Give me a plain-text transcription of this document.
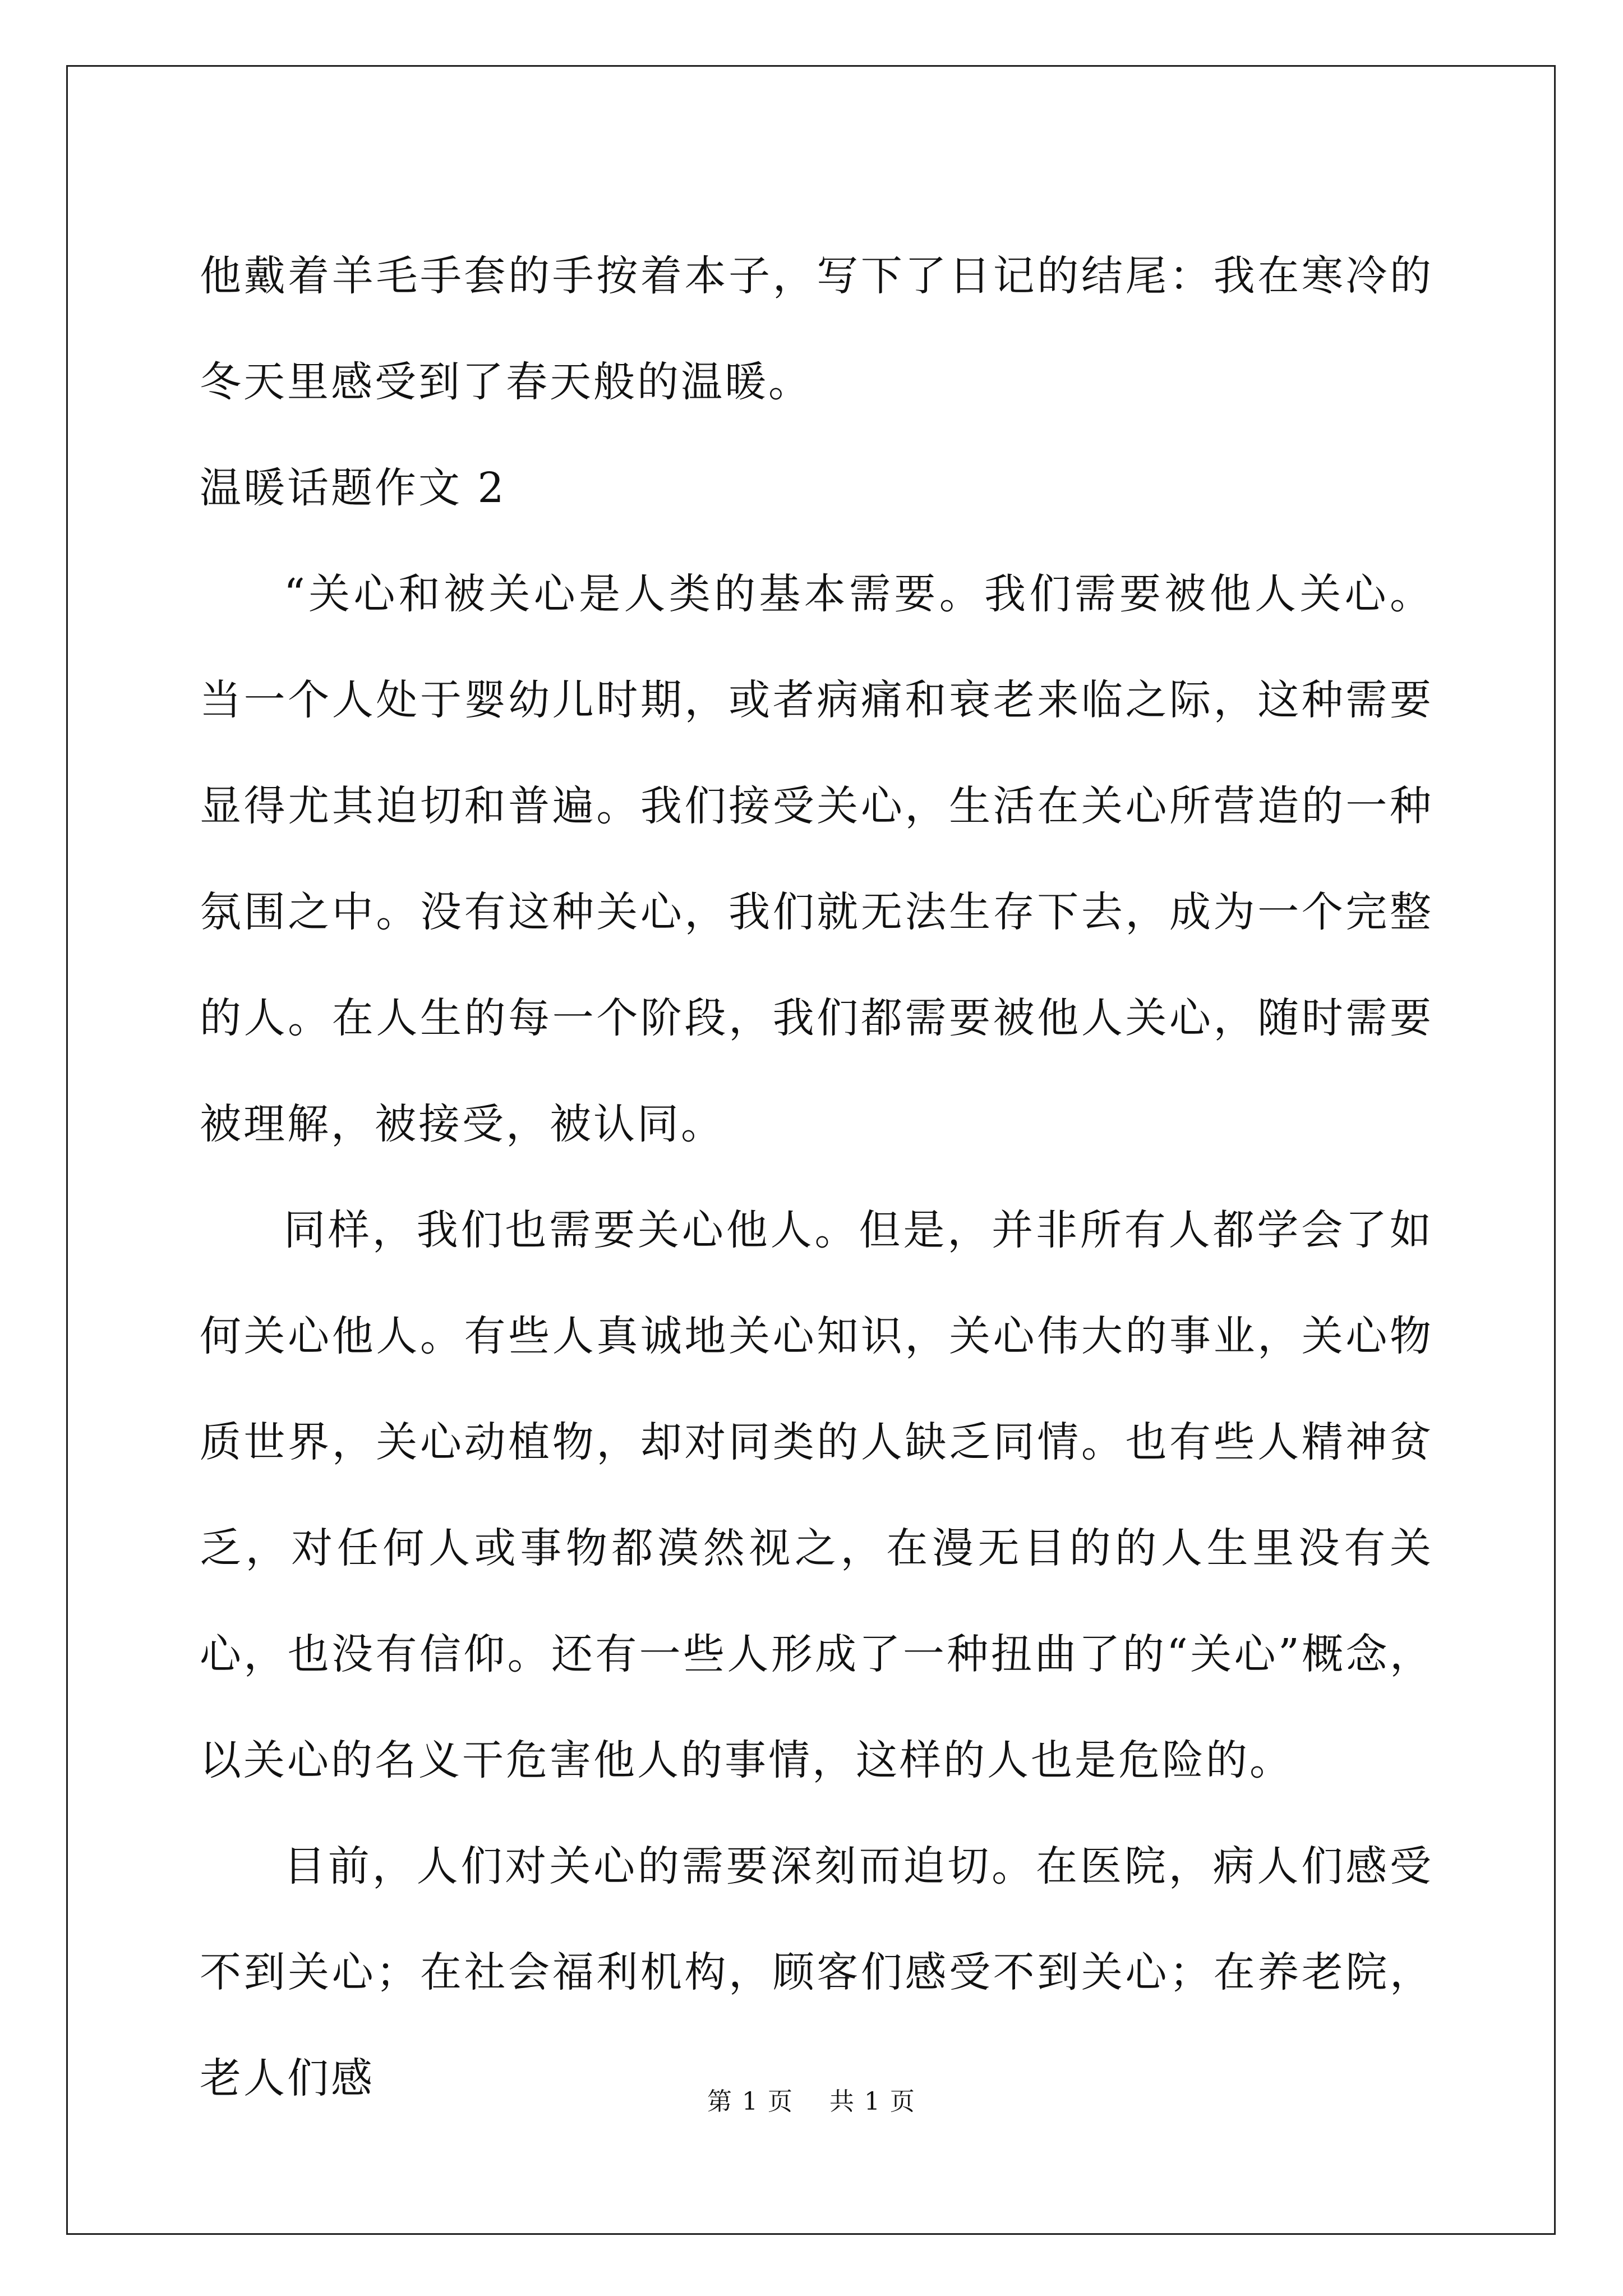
他戴着羊毛手套的手按着本子，写下了日记的结尾：我在寒冷的冬天里感受到了春天般的温暖。

温暖话题作文 2

“关心和被关心是人类的基本需要。我们需要被他人关心。当一个人处于婴幼儿时期，或者病痛和衰老来临之际，这种需要显得尤其迫切和普遍。我们接受关心，生活在关心所营造的一种氛围之中。没有这种关心，我们就无法生存下去，成为一个完整的人。在人生的每一个阶段，我们都需要被他人关心，随时需要被理解，被接受，被认同。

同样，我们也需要关心他人。但是，并非所有人都学会了如何关心他人。有些人真诚地关心知识，关心伟大的事业，关心物质世界，关心动植物，却对同类的人缺乏同情。也有些人精神贫乏，对任何人或事物都漠然视之，在漫无目的的人生里没有关心，也没有信仰。还有一些人形成了一种扭曲了的“关心”概念，以关心的名义干危害他人的事情，这样的人也是危险的。

目前，人们对关心的需要深刻而迫切。在医院，病人们感受不到关心；在社会福利机构，顾客们感受不到关心；在养老院，老人们感	第 1 页    共 1 页
